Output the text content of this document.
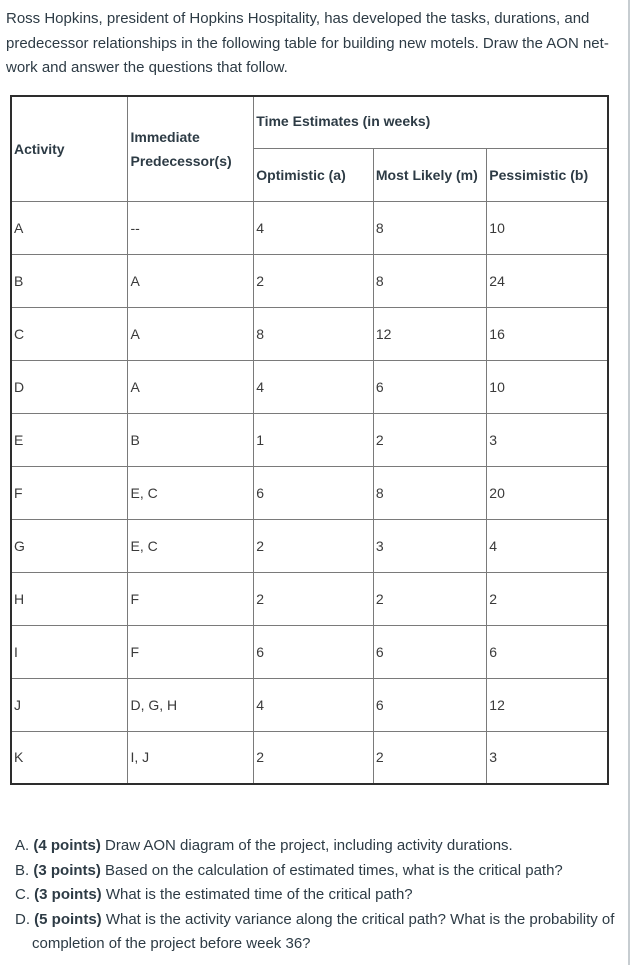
Ross Hopkins, president of Hopkins Hospitality, has developed the tasks, durations, and predecessor relationships in the following table for building new motels. Draw the AON net-work and answer the questions that follow.

Activity	Immediate Predecessor(s)	Time Estimates (in weeks)		
		Optimistic (a)	Most Likely (m)	Pessimistic (b)
A	--	4	8	10
B	A	2	8	24
C	A	8	12	16
D	A	4	6	10
E	B	1	2	3
F	E, C	6	8	20
G	E, C	2	3	4
H	F	2	2	2
I	F	6	6	6
J	D, G, H	4	6	12
K	I, J	2	2	3
A. (4 points) Draw AON diagram of the project, including activity durations.
B. (3 points) Based on the calculation of estimated times, what is the critical path?
C. (3 points) What is the estimated time of the critical path?
D. (5 points) What is the activity variance along the critical path? What is the probability of completion of the project before week 36?
